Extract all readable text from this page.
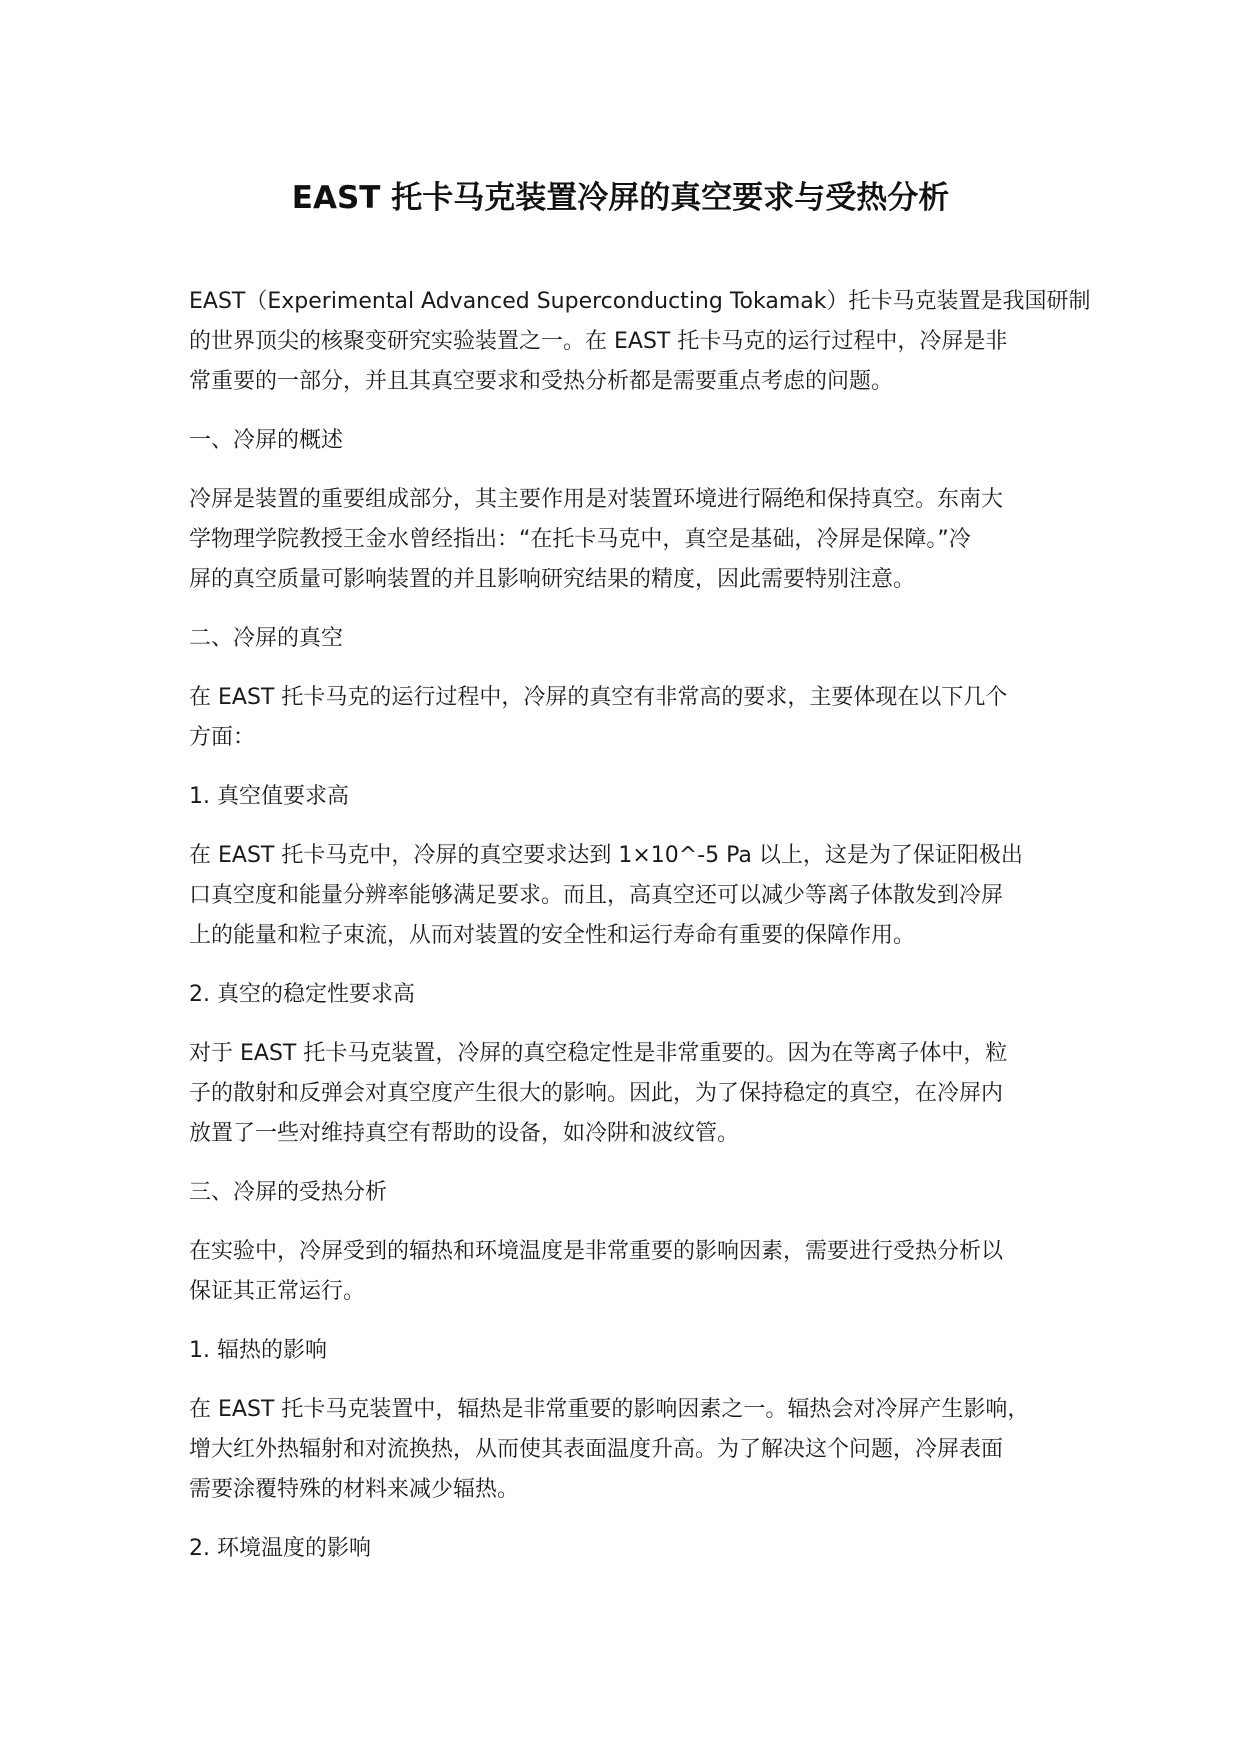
EAST 托卡马克装置冷屏的真空要求与受热分析

EAST（Experimental Advanced Superconducting Tokamak）托卡马克装置是我国研制
的世界顶尖的核聚变研究实验装置之一。在 EAST 托卡马克的运行过程中，冷屏是非
常重要的一部分，并且其真空要求和受热分析都是需要重点考虑的问题。

一、冷屏的概述

冷屏是装置的重要组成部分，其主要作用是对装置环境进行隔绝和保持真空。东南大
学物理学院教授王金水曾经指出：“在托卡马克中，真空是基础，冷屏是保障。”冷
屏的真空质量可影响装置的并且影响研究结果的精度，因此需要特别注意。

二、冷屏的真空

在 EAST 托卡马克的运行过程中，冷屏的真空有非常高的要求，主要体现在以下几个
方面：

1. 真空值要求高

在 EAST 托卡马克中，冷屏的真空要求达到 1×10^-5 Pa 以上，这是为了保证阳极出
口真空度和能量分辨率能够满足要求。而且，高真空还可以减少等离子体散发到冷屏
上的能量和粒子束流，从而对装置的安全性和运行寿命有重要的保障作用。

2. 真空的稳定性要求高

对于 EAST 托卡马克装置，冷屏的真空稳定性是非常重要的。因为在等离子体中，粒
子的散射和反弹会对真空度产生很大的影响。因此，为了保持稳定的真空，在冷屏内
放置了一些对维持真空有帮助的设备，如冷阱和波纹管。

三、冷屏的受热分析

在实验中，冷屏受到的辐热和环境温度是非常重要的影响因素，需要进行受热分析以
保证其正常运行。

1. 辐热的影响

在 EAST 托卡马克装置中，辐热是非常重要的影响因素之一。辐热会对冷屏产生影响，
增大红外热辐射和对流换热，从而使其表面温度升高。为了解决这个问题，冷屏表面
需要涂覆特殊的材料来减少辐热。

2. 环境温度的影响
